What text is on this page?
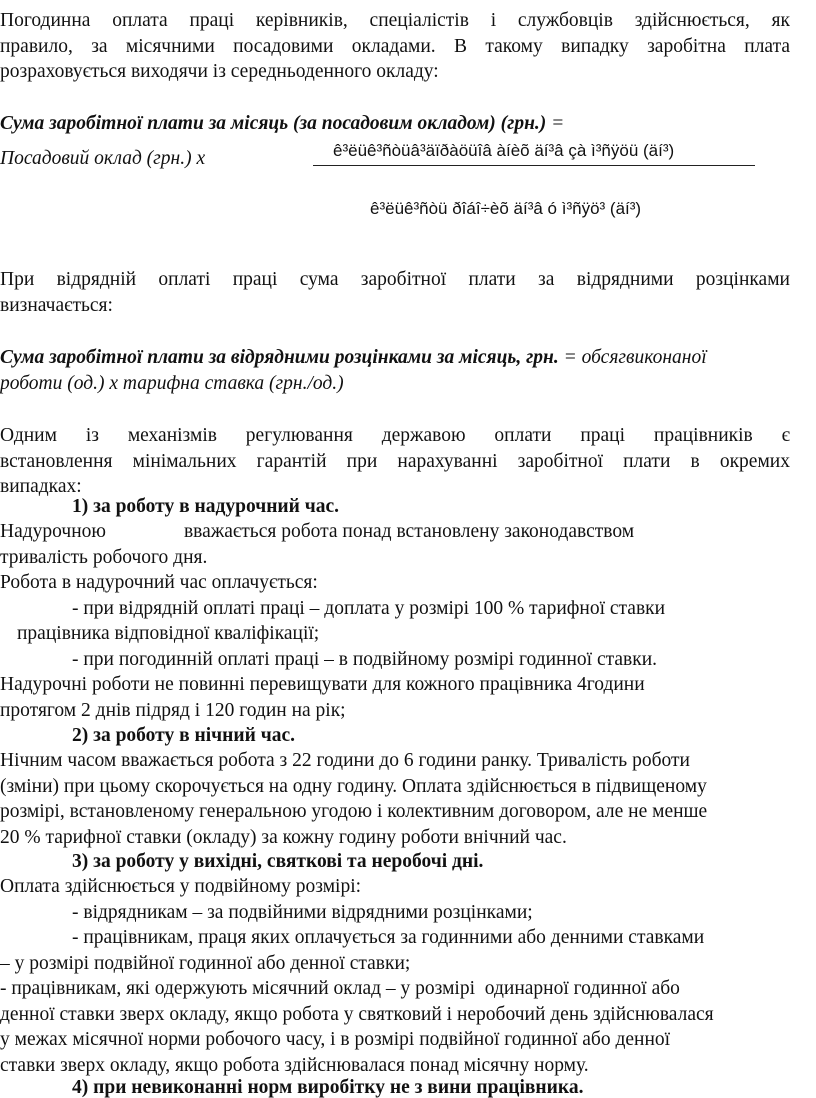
Погодинна оплата праці керівників, спеціалістів і службовців здійснюється, як
правило, за місячними посадовими окладами. В такому випадку заробітна плата
розраховується виходячи із середньоденного окладу:
Сума заробітної плати за місяць (за посадовим окладом) (грн.) =
Посадовий оклад (грн.) х	ê³ëüê³ñòüâ³äïðàöüîâ àíèõ äí³â çà ì³ñÿöü (äí³)
ê³ëüê³ñòü ðîáî÷èõ äí³â ó ì³ñÿö³ (äí³)
При відрядній оплаті праці сума заробітної плати за відрядними розцінками
визначається:
Сума заробітної плати за відрядними розцінками за місяць, грн. = обсягвиконаної
роботи (од.) х тарифна ставка (грн./од.)
Одним із механізмів регулювання державою оплати праці працівників є
встановлення мінімальних гарантій при нарахуванні заробітної плати в окремих
випадках:
1) за роботу в надурочний час.
Надурочною                вважається робота понад встановлену законодавством
тривалість робочого дня.
Робота в надурочний час оплачується:
- при відрядній оплаті праці – доплата у розмірі 100 % тарифної ставки
працівника відповідної кваліфікації;
- при погодинній оплаті праці – в подвійному розмірі годинної ставки.
Надурочні роботи не повинні перевищувати для кожного працівника 4години
протягом 2 днів підряд і 120 годин на рік;
2) за роботу в нічний час.
Нічним часом вважається робота з 22 години до 6 години ранку. Тривалість роботи
(зміни) при цьому скорочується на одну годину. Оплата здійснюється в підвищеному
розмірі, встановленому генеральною угодою і колективним договором, але не менше
20 % тарифної ставки (окладу) за кожну годину роботи внічний час.
3) за роботу у вихідні, святкові та неробочі дні.
Оплата здійснюється у подвійному розмірі:
- відрядникам – за подвійними відрядними розцінками;
- працівникам, праця яких оплачується за годинними або денними ставками
– у розмірі подвійної годинної або денної ставки;
- працівникам, які одержують місячний оклад – у розмірі  одинарної годинної або
денної ставки зверх окладу, якщо робота у святковий і неробочий день здійснювалася
у межах місячної норми робочого часу, і в розмірі подвійної годинної або денної
ставки зверх окладу, якщо робота здійснювалася понад місячну норму.
4) при невиконанні норм виробітку не з вини працівника.
